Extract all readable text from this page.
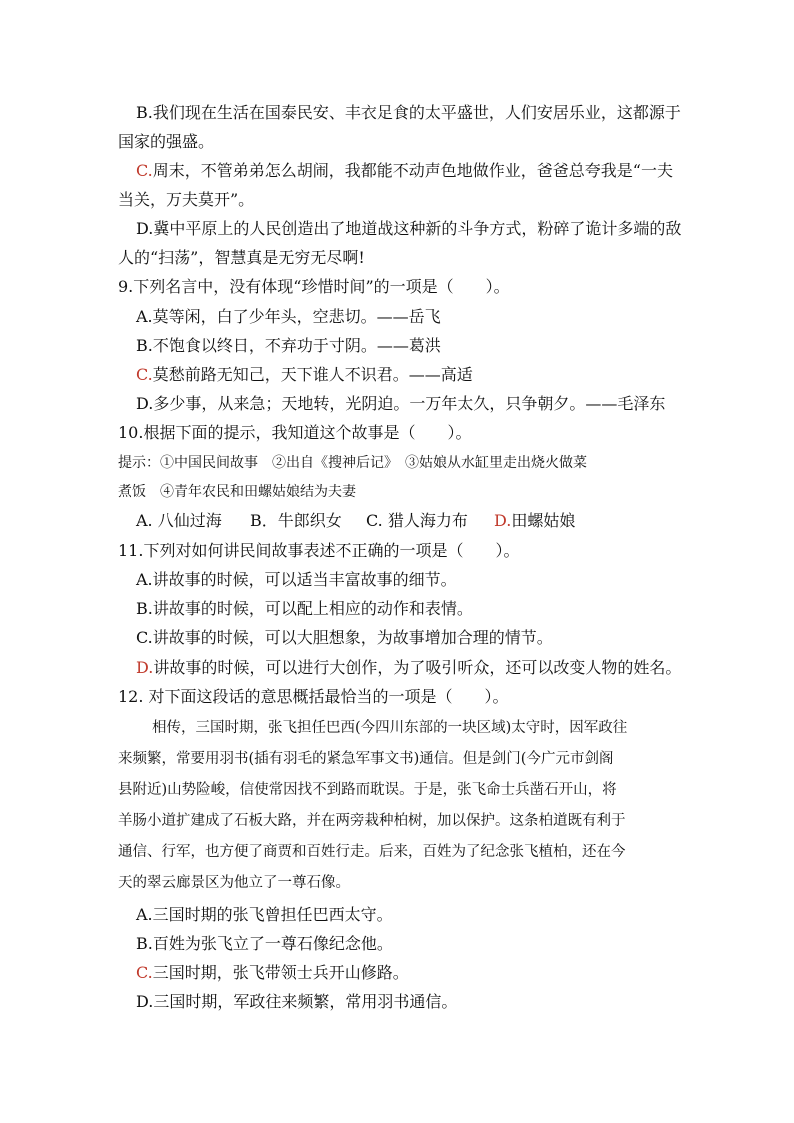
B.我们现在生活在国泰民安、丰衣足食的太平盛世，人们安居乐业，这都源于
国家的强盛。
C.周末，不管弟弟怎么胡闹，我都能不动声色地做作业，爸爸总夸我是“一夫
当关，万夫莫开”。
D.冀中平原上的人民创造出了地道战这种新的斗争方式，粉碎了诡计多端的敌
人的“扫荡”，智慧真是无穷无尽啊!
9.下列名言中，没有体现“珍惜时间”的一项是（　　）。
A.莫等闲，白了少年头，空悲切。——岳飞
B.不饱食以终日，不弃功于寸阴。——葛洪
C.莫愁前路无知己，天下谁人不识君。——高适
D.多少事，从来急；天地转，光阴迫。一万年太久，只争朝夕。——毛泽东
10.根据下面的提示，我知道这个故事是（　　）。
提示：①中国民间故事　②出自《搜神后记》　③姑娘从水缸里走出烧火做菜
煮饭　④青年农民和田螺姑娘结为夫妻
A. 八仙过海 B．牛郎织女 C. 猎人海力布 D.田螺姑娘
11.下列对如何讲民间故事表述不正确的一项是（　　）。
A.讲故事的时候，可以适当丰富故事的细节。
B.讲故事的时候，可以配上相应的动作和表情。
C.讲故事的时候，可以大胆想象，为故事增加合理的情节。
D.讲故事的时候，可以进行大创作，为了吸引听众，还可以改变人物的姓名。
12. 对下面这段话的意思概括最恰当的一项是（　　）。
相传，三国时期，张飞担任巴西(今四川东部的一块区域)太守时，因军政往
来频繁，常要用羽书(插有羽毛的紧急军事文书)通信。但是剑门(今广元市剑阁
县附近)山势险峻，信使常因找不到路而耽误。于是，张飞命士兵凿石开山，将
羊肠小道扩建成了石板大路，并在两旁栽种柏树，加以保护。这条柏道既有利于
通信、行军，也方便了商贾和百姓行走。后来，百姓为了纪念张飞植柏，还在今
天的翠云廊景区为他立了一尊石像。
A.三国时期的张飞曾担任巴西太守。
B.百姓为张飞立了一尊石像纪念他。
C.三国时期，张飞带领士兵开山修路。
D.三国时期，军政往来频繁，常用羽书通信。
